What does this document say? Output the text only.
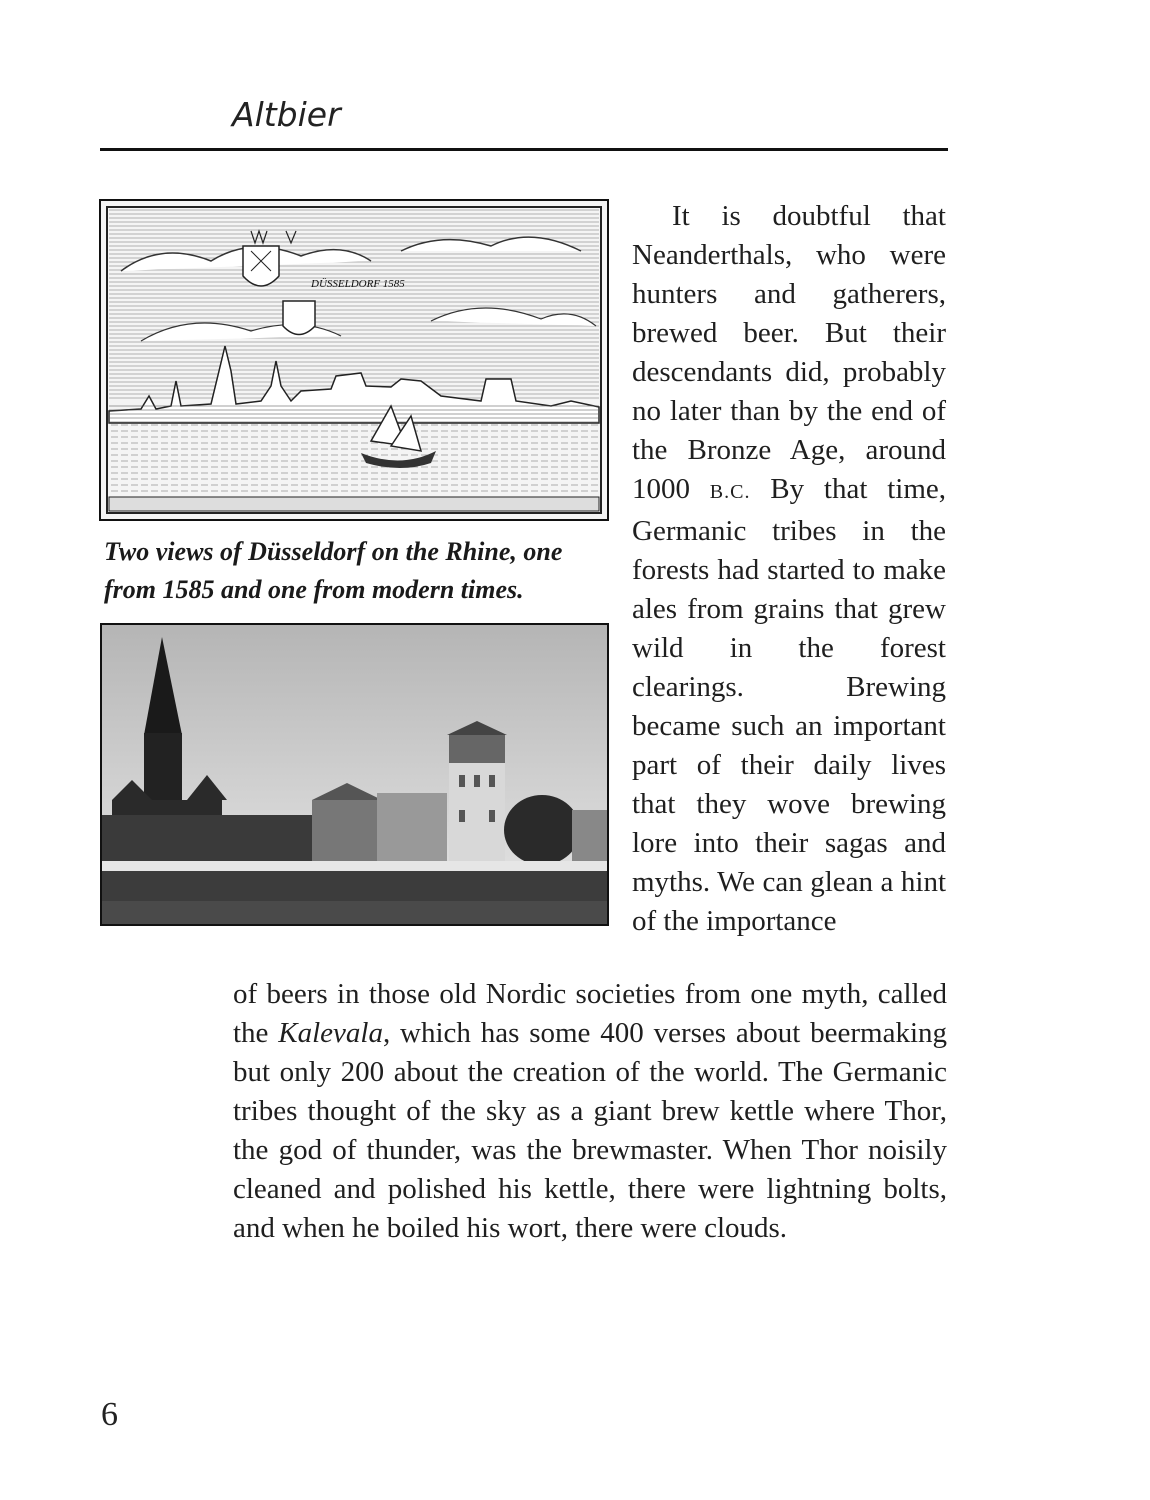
Altbier
DÜSSELDORF 1585
Two views of Düsseldorf on the Rhine, one from 1585 and one from modern times.

It is doubtful that Neanderthals, who were hunters and gatherers, brewed beer. But their descendants did, probably no later than by the end of the Bronze Age, around 1000 B.C. By that time, Germanic tribes in the forests had started to make ales from grains that grew wild in the forest clearings. Brewing became such an important part of their daily lives that they wove brewing lore into their sagas and myths. We can glean a hint of the importance

of beers in those old Nordic societies from one myth, called the Kalevala, which has some 400 verses about beermaking but only 200 about the creation of the world. The Germanic tribes thought of the sky as a giant brew kettle where Thor, the god of thunder, was the brewmaster. When Thor noisily cleaned and polished his kettle, there were lightning bolts, and when he boiled his wort, there were clouds.

6
